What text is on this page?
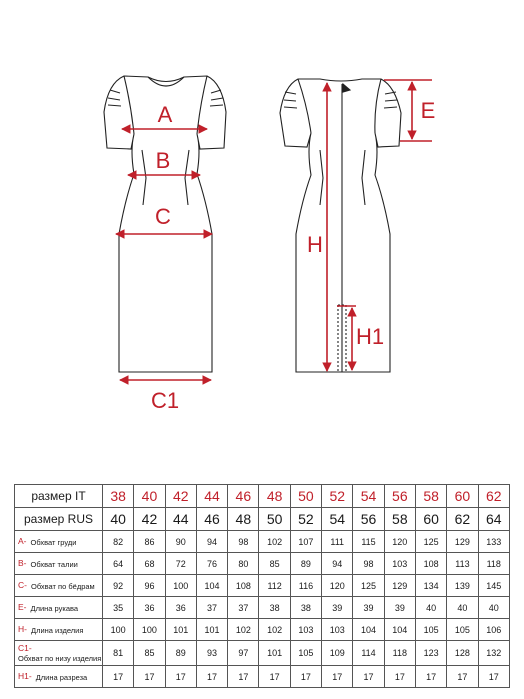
A
B
C
C1
E
H
H1
размер IT	38	40	42	44	46	48	50	52	54	56	58	60	62
размер RUS	40	42	44	46	48	50	52	54	56	58	60	62	64
A- Обхват груди	82	86	90	94	98	102	107	111	115	120	125	129	133
B- Обхват талии	64	68	72	76	80	85	89	94	98	103	108	113	118
C- Обхват по бёдрам	92	96	100	104	108	112	116	120	125	129	134	139	145
E- Длина рукава	35	36	36	37	37	38	38	39	39	39	40	40	40
H- Длина изделия	100	100	101	101	102	102	103	103	104	104	105	105	106
C1-Обхват по низу изделия	81	85	89	93	97	101	105	109	114	118	123	128	132
H1- Длина разреза	17	17	17	17	17	17	17	17	17	17	17	17	17
